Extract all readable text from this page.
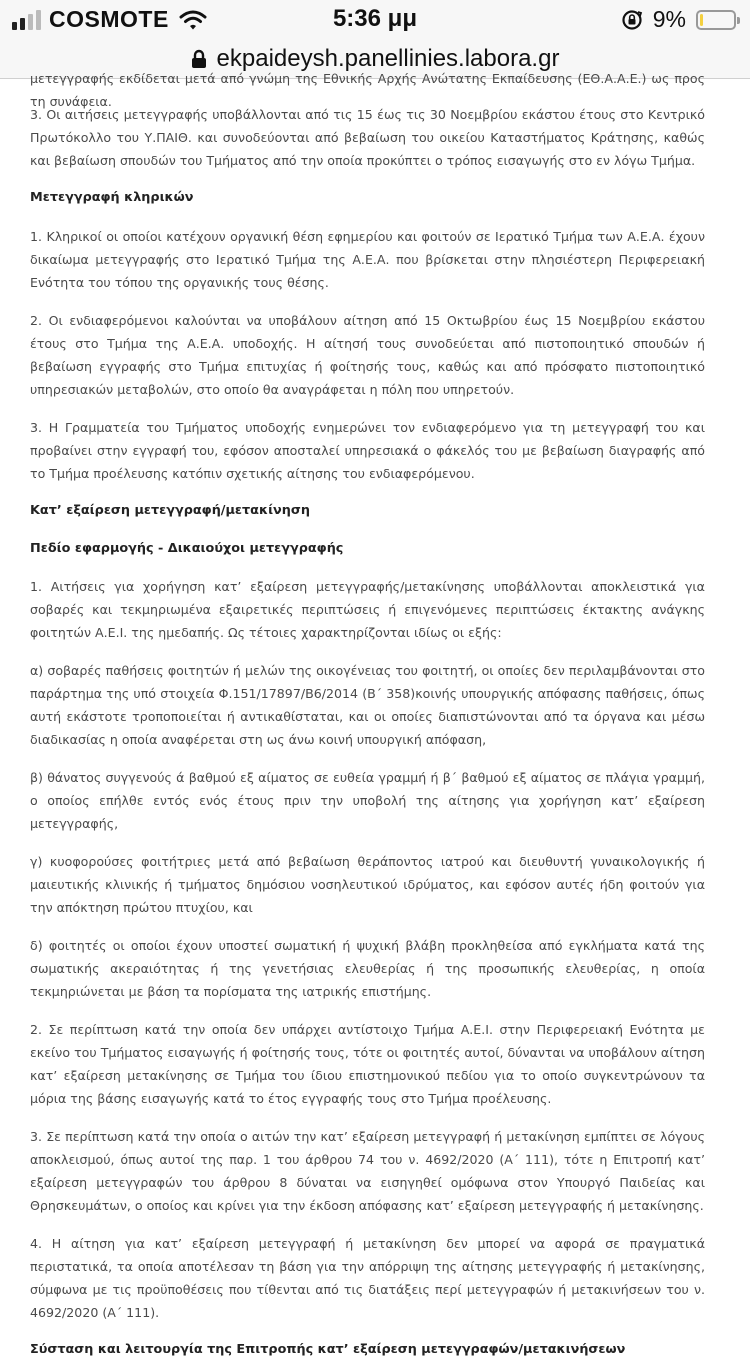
COSMOTE	5:36 μμ	9%
ekpaideysh.panellinies.labora.gr

μετεγγραφής εκδίδεται μετά από γνώμη της Εθνικής Αρχής Ανώτατης Εκπαίδευσης (ΕΘ.Α.Α.Ε.) ως προς τη συνάφεια.

3. Οι αιτήσεις μετεγγραφής υποβάλλονται από τις 15 έως τις 30 Νοεμβρίου εκάστου έτους στο Κεντρικό Πρωτόκολλο του Υ.ΠΑΙΘ. και συνοδεύονται από βεβαίωση του οικείου Καταστήματος Κράτησης, καθώς και βεβαίωση σπουδών του Τμήματος από την οποία προκύπτει ο τρόπος εισαγωγής στο εν λόγω Τμήμα.

Μετεγγραφή κληρικών

1. Κληρικοί οι οποίοι κατέχουν οργανική θέση εφημερίου και φοιτούν σε Ιερατικό Τμήμα των Α.Ε.Α. έχουν δικαίωμα μετεγγραφής στο Ιερατικό Τμήμα της Α.Ε.Α. που βρίσκεται στην πλησιέστερη Περιφερειακή Ενότητα του τόπου της οργανικής τους θέσης.

2. Οι ενδιαφερόμενοι καλούνται να υποβάλουν αίτηση από 15 Οκτωβρίου έως 15 Νοεμβρίου εκάστου έτους στο Τμήμα της Α.Ε.Α. υποδοχής. Η αίτησή τους συνοδεύεται από πιστοποιητικό σπουδών ή βεβαίωση εγγραφής στο Τμήμα επιτυχίας ή φοίτησής τους, καθώς και από πρόσφατο πιστοποιητικό υπηρεσιακών μεταβολών, στο οποίο θα αναγράφεται η πόλη που υπηρετούν.

3. Η Γραμματεία του Τμήματος υποδοχής ενημερώνει τον ενδιαφερόμενο για τη μετεγγραφή του και προβαίνει στην εγγραφή του, εφόσον αποσταλεί υπηρεσιακά ο φάκελός του με βεβαίωση διαγραφής από το Τμήμα προέλευσης κατόπιν σχετικής αίτησης του ενδιαφερόμενου.

Κατ’ εξαίρεση μετεγγραφή/μετακίνηση
Πεδίο εφαρμογής - Δικαιούχοι μετεγγραφής

1. Αιτήσεις για χορήγηση κατ’ εξαίρεση μετεγγραφής/μετακίνησης υποβάλλονται αποκλειστικά για σοβαρές και τεκμηριωμένα εξαιρετικές περιπτώσεις ή επιγενόμενες περιπτώσεις έκτακτης ανάγκης φοιτητών Α.Ε.Ι. της ημεδαπής. Ως τέτοιες χαρακτηρίζονται ιδίως οι εξής:

α) σοβαρές παθήσεις φοιτητών ή μελών της οικογένειας του φοιτητή, οι οποίες δεν περιλαμβάνονται στο παράρτημα της υπό στοιχεία Φ.151/17897/Β6/2014 (Β΄ 358)κοινής υπουργικής απόφασης παθήσεις, όπως αυτή εκάστοτε τροποποιείται ή αντικαθίσταται, και οι οποίες διαπιστώνονται από τα όργανα και μέσω διαδικασίας η οποία αναφέρεται στη ως άνω κοινή υπουργική απόφαση,

β) θάνατος συγγενούς ά βαθμού εξ αίματος σε ευθεία γραμμή ή β΄ βαθμού εξ αίματος σε πλάγια γραμμή, ο οποίος επήλθε εντός ενός έτους πριν την υποβολή της αίτησης για χορήγηση κατ’ εξαίρεση μετεγγραφής,

γ) κυοφορούσες φοιτήτριες μετά από βεβαίωση θεράποντος ιατρού και διευθυντή γυναικολογικής ή μαιευτικής κλινικής ή τμήματος δημόσιου νοσηλευτικού ιδρύματος, και εφόσον αυτές ήδη φοιτούν για την απόκτηση πρώτου πτυχίου, και

δ) φοιτητές οι οποίοι έχουν υποστεί σωματική ή ψυχική βλάβη προκληθείσα από εγκλήματα κατά της σωματικής ακεραιότητας ή της γενετήσιας ελευθερίας ή της προσωπικής ελευθερίας, η οποία τεκμηριώνεται με βάση τα πορίσματα της ιατρικής επιστήμης.

2. Σε περίπτωση κατά την οποία δεν υπάρχει αντίστοιχο Τμήμα Α.Ε.Ι. στην Περιφερειακή Ενότητα με εκείνο του Τμήματος εισαγωγής ή φοίτησής τους, τότε οι φοιτητές αυτοί, δύνανται να υποβάλουν αίτηση κατ’ εξαίρεση μετακίνησης σε Τμήμα του ίδιου επιστημονικού πεδίου για το οποίο συγκεντρώνουν τα μόρια της βάσης εισαγωγής κατά το έτος εγγραφής τους στο Τμήμα προέλευσης.

3. Σε περίπτωση κατά την οποία ο αιτών την κατ’ εξαίρεση μετεγγραφή ή μετακίνηση εμπίπτει σε λόγους αποκλεισμού, όπως αυτοί της παρ. 1 του άρθρου 74 του ν. 4692/2020 (Α΄ 111), τότε η Επιτροπή κατ’ εξαίρεση μετεγγραφών του άρθρου 8 δύναται να εισηγηθεί ομόφωνα στον Υπουργό Παιδείας και Θρησκευμάτων, ο οποίος και κρίνει για την έκδοση απόφασης κατ’ εξαίρεση μετεγγραφής ή μετακίνησης.

4. Η αίτηση για κατ’ εξαίρεση μετεγγραφή ή μετακίνηση δεν μπορεί να αφορά σε πραγματικά περιστατικά, τα οποία αποτέλεσαν τη βάση για την απόρριψη της αίτησης μετεγγραφής ή μετακίνησης, σύμφωνα με τις προϋποθέσεις που τίθενται από τις διατάξεις περί μετεγγραφών ή μετακινήσεων του ν. 4692/2020 (Α΄ 111).

Σύσταση και λειτουργία της Επιτροπής κατ’ εξαίρεση μετεγγραφών/μετακινήσεων
